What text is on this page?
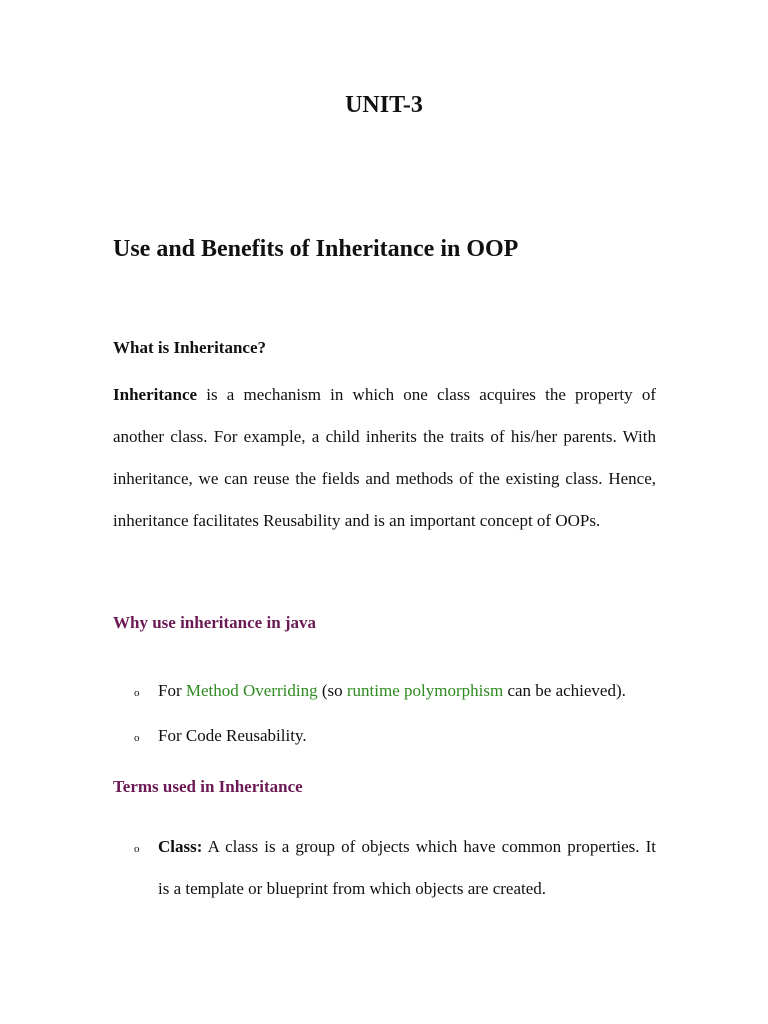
UNIT-3
Use and Benefits of Inheritance in OOP
What is Inheritance?
Inheritance is a mechanism in which one class acquires the property of
another class. For example, a child inherits the traits of his/her parents. With
inheritance, we can reuse the fields and methods of the existing class. Hence,
inheritance facilitates Reusability and is an important concept of OOPs.
Why use inheritance in java
o For Method Overriding (so runtime polymorphism can be achieved).
o For Code Reusability.
Terms used in Inheritance
o Class: A class is a group of objects which have common properties. It
is a template or blueprint from which objects are created.
